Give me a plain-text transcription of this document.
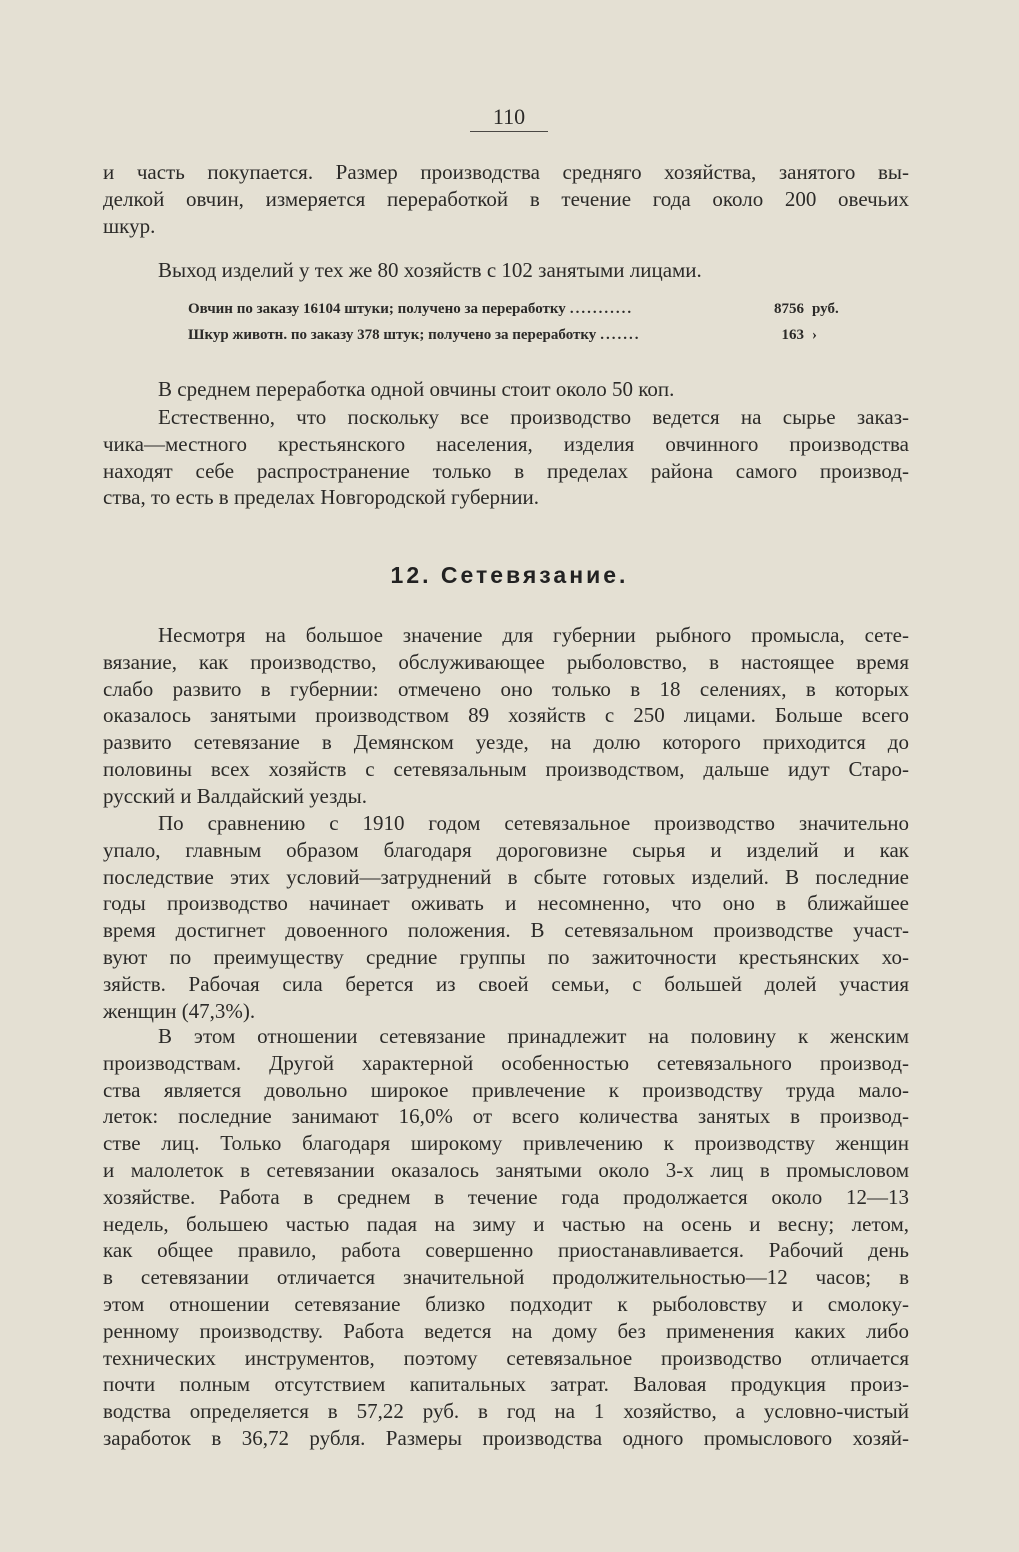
110

и часть покупается. Размер производства средняго хозяйства, занятого вы-
делкой овчин, измеряется переработкой в течение года около 200 овечьих
шкур.

Выход изделий у тех же 80 хозяйств с 102 занятыми лицами.

Овчин по заказу 16104 штуки; получено за переработку ...........	8756 руб.
Шкур животн. по заказу 378 штук; получено за переработку .......	163 ›

В среднем переработка одной овчины стоит около 50 коп.

Естественно, что поскольку все производство ведется на сырье заказ-

чика—местного крестьянского населения, изделия овчинного производства
находят себе распространение только в пределах района самого производ-
ства, то есть в пределах Новгородской губернии.

12. Сетевязание.

Несмотря на большое значение для губернии рыбного промысла, сете-

вязание, как производство, обслуживающее рыболовство, в настоящее время
слабо развито в губернии: отмечено оно только в 18 селениях, в которых
оказалось занятыми производством 89 хозяйств с 250 лицами. Больше всего
развито сетевязание в Демянском уезде, на долю которого приходится до
половины всех хозяйств с сетевязальным производством, дальше идут Старо-
русский и Валдайский уезды.

По сравнению с 1910 годом сетевязальное производство значительно

упало, главным образом благодаря дороговизне сырья и изделий и как
последствие этих условий—затруднений в сбыте готовых изделий. В последние
годы производство начинает оживать и несомненно, что оно в ближайшее
время достигнет довоенного положения. В сетевязальном производстве участ-
вуют по преимуществу средние группы по зажиточности крестьянских хо-
зяйств. Рабочая сила берется из своей семьи, с большей долей участия
женщин (47,3%).

В этом отношении сетевязание принадлежит на половину к женским

производствам. Другой характерной особенностью сетевязального производ-
ства является довольно широкое привлечение к производству труда мало-
леток: последние занимают 16,0% от всего количества занятых в производ-
стве лиц. Только благодаря широкому привлечению к производству женщин
и малолеток в сетевязании оказалось занятыми около 3-х лиц в промысловом
хозяйстве. Работа в среднем в течение года продолжается около 12—13
недель, большею частью падая на зиму и частью на осень и весну; летом,
как общее правило, работа совершенно приостанавливается. Рабочий день
в сетевязании отличается значительной продолжительностью—12 часов; в
этом отношении сетевязание близко подходит к рыболовству и смолоку-
ренному производству. Работа ведется на дому без применения каких либо
технических инструментов, поэтому сетевязальное производство отличается
почти полным отсутствием капитальных затрат. Валовая продукция произ-
водства определяется в 57,22 руб. в год на 1 хозяйство, а условно-чистый
заработок в 36,72 рубля. Размеры производства одного промыслового хозяй-
